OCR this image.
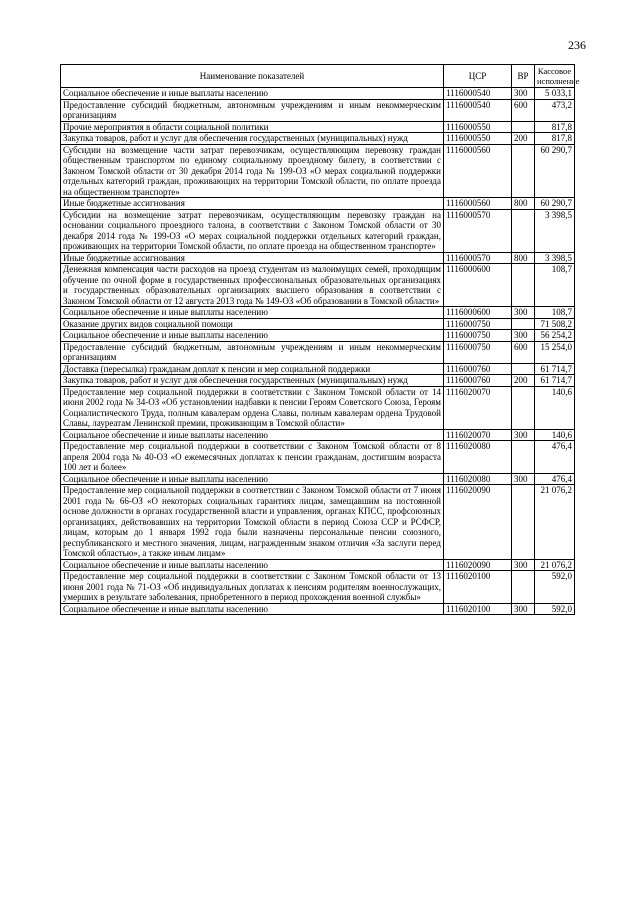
236
Наименование показателей	ЦСР	ВР	Кассовое исполнение
Социальное обеспечение и иные выплаты населению	1116000540	300	5 033,1
Предоставление субсидий бюджетным, автономным учреждениям и иным некоммерческим организациям	1116000540	600	473,2
Прочие мероприятия в области социальной политики	1116000550		817,8
Закупка товаров, работ и услуг для обеспечения государственных (муниципальных) нужд	1116000550	200	817,8
Субсидии на возмещение части затрат перевозчикам, осуществляющим перевозку граждан общественным транспортом по единому социальному проездному билету, в соответствии с Законом Томской области от 30 декабря 2014 года № 199-ОЗ «О мерах социальной поддержки отдельных категорий граждан, проживающих на территории Томской области, по оплате проезда на общественном транспорте»	1116000560		60 290,7
Иные бюджетные ассигнования	1116000560	800	60 290,7
Субсидии на возмещение затрат перевозчикам, осуществляющим перевозку граждан на основании социального проездного талона, в соответствии с Законом Томской области от 30 декабря 2014 года № 199-ОЗ «О мерах социальной поддержки отдельных категорий граждан, проживающих на территории Томской области, по оплате проезда на общественном транспорте»	1116000570		3 398,5
Иные бюджетные ассигнования	1116000570	800	3 398,5
Денежная компенсация части расходов на проезд студентам из малоимущих семей, проходящим обучение по очной форме в государственных профессиональных образовательных организациях и государственных образовательных организациях высшего образования в соответствии с Законом Томской области от 12 августа 2013 года № 149-ОЗ «Об образовании в Томской области»	1116000600		108,7
Социальное обеспечение и иные выплаты населению	1116000600	300	108,7
Оказание других видов социальной помощи	1116000750		71 508,2
Социальное обеспечение и иные выплаты населению	1116000750	300	56 254,2
Предоставление субсидий бюджетным, автономным учреждениям и иным некоммерческим организациям	1116000750	600	15 254,0
Доставка (пересылка) гражданам доплат к пенсии и мер социальной поддержки	1116000760		61 714,7
Закупка товаров, работ и услуг для обеспечения государственных (муниципальных) нужд	1116000760	200	61 714,7
Предоставление мер социальной поддержки в соответствии с Законом Томской области от 14 июня 2002 года № 34-ОЗ «Об установлении надбавки к пенсии Героям Советского Союза, Героям Социалистического Труда, полным кавалерам ордена Славы, полным кавалерам ордена Трудовой Славы, лауреатам Ленинской премии, проживающим в Томской области»	1116020070		140,6
Социальное обеспечение и иные выплаты населению	1116020070	300	140,6
Предоставление мер социальной поддержки в соответствии с Законом Томской области от 8 апреля 2004 года № 40-ОЗ «О ежемесячных доплатах к пенсии гражданам, достигшим возраста 100 лет и более»	1116020080		476,4
Социальное обеспечение и иные выплаты населению	1116020080	300	476,4
Предоставление мер социальной поддержки в соответствии с Законом Томской области от 7 июня 2001 года № 66-ОЗ «О некоторых социальных гарантиях лицам, замещавшим на постоянной основе должности в органах государственной власти и управления, органах КПСС, профсоюзных организациях, действовавших на территории Томской области в период Союза ССР и РСФСР, лицам, которым до 1 января 1992 года были назначены персональные пенсии союзного, республиканского и местного значения, лицам, награжденным знаком отличия «За заслуги перед Томской областью», а также иным лицам»	1116020090		21 076,2
Социальное обеспечение и иные выплаты населению	1116020090	300	21 076,2
Предоставление мер социальной поддержки в соответствии с Законом Томской области от 13 июня 2001 года № 71-ОЗ «Об индивидуальных доплатах к пенсиям родителям военнослужащих, умерших в результате заболевания, приобретенного в период прохождения военной службы»	1116020100		592,0
Социальное обеспечение и иные выплаты населению	1116020100	300	592,0
